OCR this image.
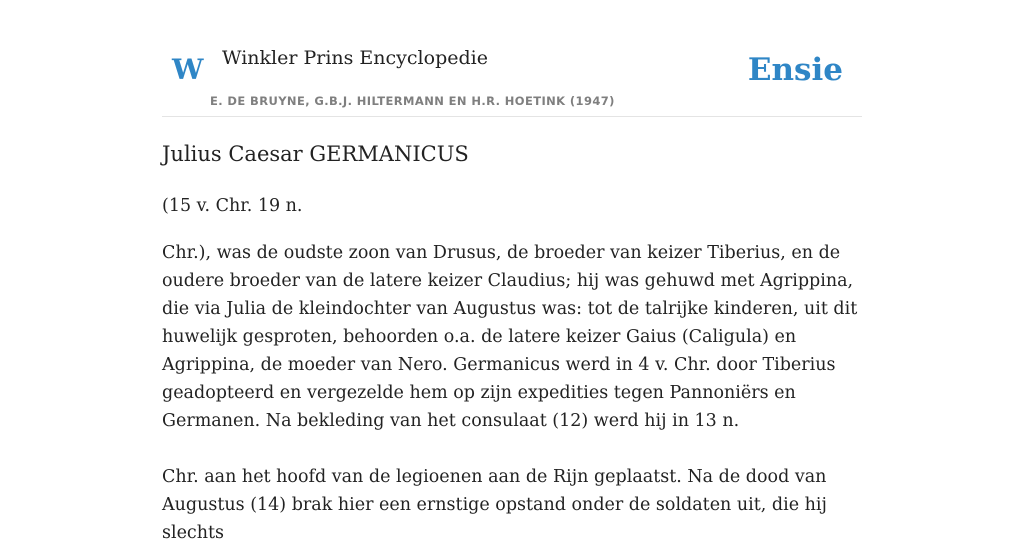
W Winkler Prins Encyclopedie
E. DE BRUYNE, G.B.J. HILTERMANN EN H.R. HOETINK (1947)
Ensie
Julius Caesar GERMANICUS

(15 v. Chr. 19 n.

Chr.), was de oudste zoon van Drusus, de broeder van keizer Tiberius, en de oudere broeder van de latere keizer Claudius; hij was gehuwd met Agrippina, die via Julia de kleindochter van Augustus was: tot de talrijke kinderen, uit dit huwelijk gesproten, behoorden o.a. de latere keizer Gaius (Caligula) en Agrippina, de moeder van Nero. Germanicus werd in 4 v. Chr. door Tiberius geadopteerd en vergezelde hem op zijn expedities tegen Pannoniërs en Germanen. Na bekleding van het consulaat (12) werd hij in 13 n.

Chr. aan het hoofd van de legioenen aan de Rijn geplaatst. Na de dood van Augustus (14) brak hier een ernstige opstand onder de soldaten uit, die hij slechts
